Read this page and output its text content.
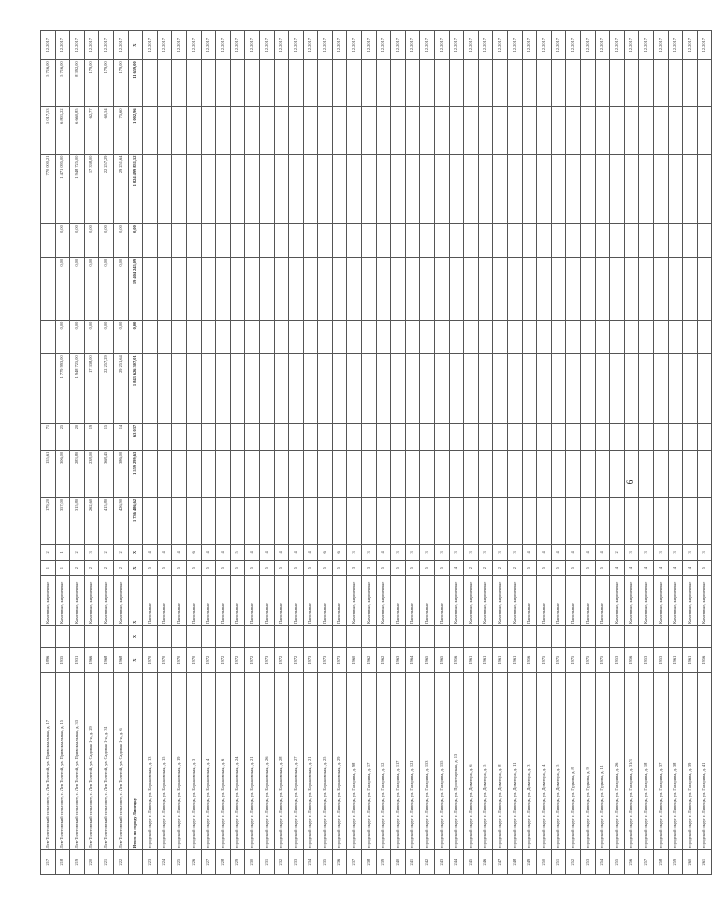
217	Лев-Толстовский сельсовет, с. Лев Толстой, ул. Привокзальная, д. 17	1896		Каменные, кирпичные	1	2	179,20	155,61	71					770 000,21	5 017,53	5 716,00	12.2017
218	Лев-Толстовский сельсовет, с. Лев Толстой, ул. Привокзальная, д. 15	1935		Каменные, кирпичные	1	1	357,00	306,00	25	1 779 993,00	0,00	0,00	0,00	1 471 095,00	6 801,22	5 716,00	12.2017
219	Лев-Толстовский сельсовет, с. Лев Толстой, ул. Привокзальная, д. 33	1931		Каменные, кирпичные	2	2	315,80	283,80	20	1 948 725,00	0,00	0,00	0,00	1 948 725,00	6 660,85	8 392,00	12.2017
220	Лев-Толстовский сельсовет, с. Лев Толстой, ул. Садовая 1-я, д. 29	1966		Каменные, кирпичные	2	3	262,60	238,00	19	17 338,00	0,00	0,00	0,00	17 338,00	62,77	179,00	12.2017
221	Лев-Толстовский сельсовет, с. Лев Толстой, ул. Садовая 1-я, д. 31	1968		Каменные, кирпичные	2	2	415,80	368,45	15	22 257,29	0,00	0,00	0,00	22 257,29	60,54	179,00	12.2017
222	Лев-Толстовский сельсовет, с. Лев Толстой, ул. Садовая 1-я, д. 6	1968		Каменные, кирпичные	2	2	426,90	386,00	14	29 251,64	0,00	0,00	0,00	29 251,64	75,60	179,00	12.2017
	Итого по городу Липецку	X	X	X	X	X	1 736 486,62	1 559 299,63	63 037	1 843 626 307,01	0,00	19 404 245,09	0,00	1 824 499 831,52	1 002,96	11 659,00	X
223	городской округ г. Липецк, ул. Борьковская, д. 13	1970		Панельные	5	4											12.2017
224	городской округ г. Липецк, ул. Борьковская, д. 15	1970		Панельные	5	4											12.2017
225	городской округ г. Липецк, ул. Борьковская, д. 19	1970		Панельные	5	4											12.2017
226	городской округ г. Липецк, ул. Борьковская, д. 3	1970		Панельные	5	6											12.2017
227	городской округ г. Липецк, ул. Борьковская, д. 4	1972		Панельные	5	4											12.2017
228	городской округ г. Липецк, ул. Борьковская, д. 6	1972		Панельные	5	4											12.2017
229	городской округ г. Липецк, ул. Борьковская, д. 24	1972		Панельные	5	5											12.2017
230	городской округ г. Липецк, ул. Борьковская, д. 21	1972		Панельные	5	4											12.2017
231	городской округ г. Липецк, ул. Борьковская, д. 26	1973		Панельные	5	4											12.2017
232	городской округ г. Липецк, ул. Борьковская, д. 28	1972		Панельные	5	4											12.2017
233	городской округ г. Липецк, ул. Борьковская, д. 27	1972		Панельные	5	4											12.2017
234	городской округ г. Липецк, ул. Борьковская, д. 21	1973		Панельные	5	4											12.2017
235	городской округ г. Липецк, ул. Борьковская, д. 25	1973		Панельные	5	6											12.2017
236	городской округ г. Липецк, ул. Борьковская, д. 29	1973		Панельные	5	6											12.2017
237	городской округ г. Липецк, ул. Гагарина, д. 98	1960		Каменные, кирпичные	3	3											12.2017
238	городской округ г. Липецк, ул. Гагарина, д. 17	1962		Каменные, кирпичные	3	3											12.2017
239	городской округ г. Липецк, ул. Гагарина, д. 12	1962		Каменные, кирпичные	5	4											12.2017
240	городской округ г. Липецк, ул. Гагарина, д. 117	1963		Панельные	5	3											12.2017
241	городской округ г. Липецк, ул. Гагарина, д. 121	1964		Панельные	5	3											12.2017
242	городской округ г. Липецк, ул. Гагарина, д. 153	1965		Панельные	5	3											12.2017
243	городской округ г. Липецк, ул. Гагарина, д. 155	1965		Панельные	5	3											12.2017
244	городской округ г. Липецк, ул. Пролетарская, д. 13	1956		Каменные, кирпичные	4	3											12.2017
245	городской округ г. Липецк, ул. Доватора, д. 6	1961		Каменные, кирпичные	2	3											12.2017
246	городской округ г. Липецк, ул. Доватора, д. 5	1961		Каменные, кирпичные	2	3											12.2017
247	городской округ г. Липецк, ул. Доватора, д. 8	1961		Каменные, кирпичные	2	3											12.2017
248	городской округ г. Липецк, ул. Доватора, д. 11	1961		Каменные, кирпичные	2	3											12.2017
249	городской округ г. Липецк, ул. Доватора, д. 3	1956		Панельные	5	4											12.2017
250	городской округ г. Липецк, ул. Доватора, д. 4	1975		Панельные	5	4											12.2017
251	городской округ г. Липецк, ул. Доватора, д. 5	1975		Панельные	5	4											12.2017
252	городской округ г. Липецк, ул. Гудкова, д. 8	1975		Панельные	5	4											12.2017
253	городской округ г. Липецк, ул. Гудкова, д. 9	1975		Панельные	5	4											12.2017
254	городской округ г. Липецк, ул. Гудкова, д. 11	1975		Панельные	5	4											12.2017
255	городской округ г. Липецк, ул. Гагарина, д. 26	1953		Каменные, кирпичные	4	2											12.2017
256	городской округ г. Липецк, ул. Гагарина, д. 31/3	1956		Каменные, кирпичные	4	3											12.2017
257	городской округ г. Липецк, ул. Гагарина, д. 18	1953		Каменные, кирпичные	4	3											12.2017
258	городской округ г. Липецк, ул. Гагарина, д. 37	1953		Каменные, кирпичные	4	3											12.2017
259	городской округ г. Липецк, ул. Гагарина, д. 38	1961		Каменные, кирпичные	4	3											12.2017
260	городской округ г. Липецк, ул. Гагарина, д. 39	1961		Каменные, кирпичные	4	3											12.2017
261	городской округ г. Липецк, ул. Гагарина, д. 41	1956		Каменные, кирпичные	5	3											12.2017
6
